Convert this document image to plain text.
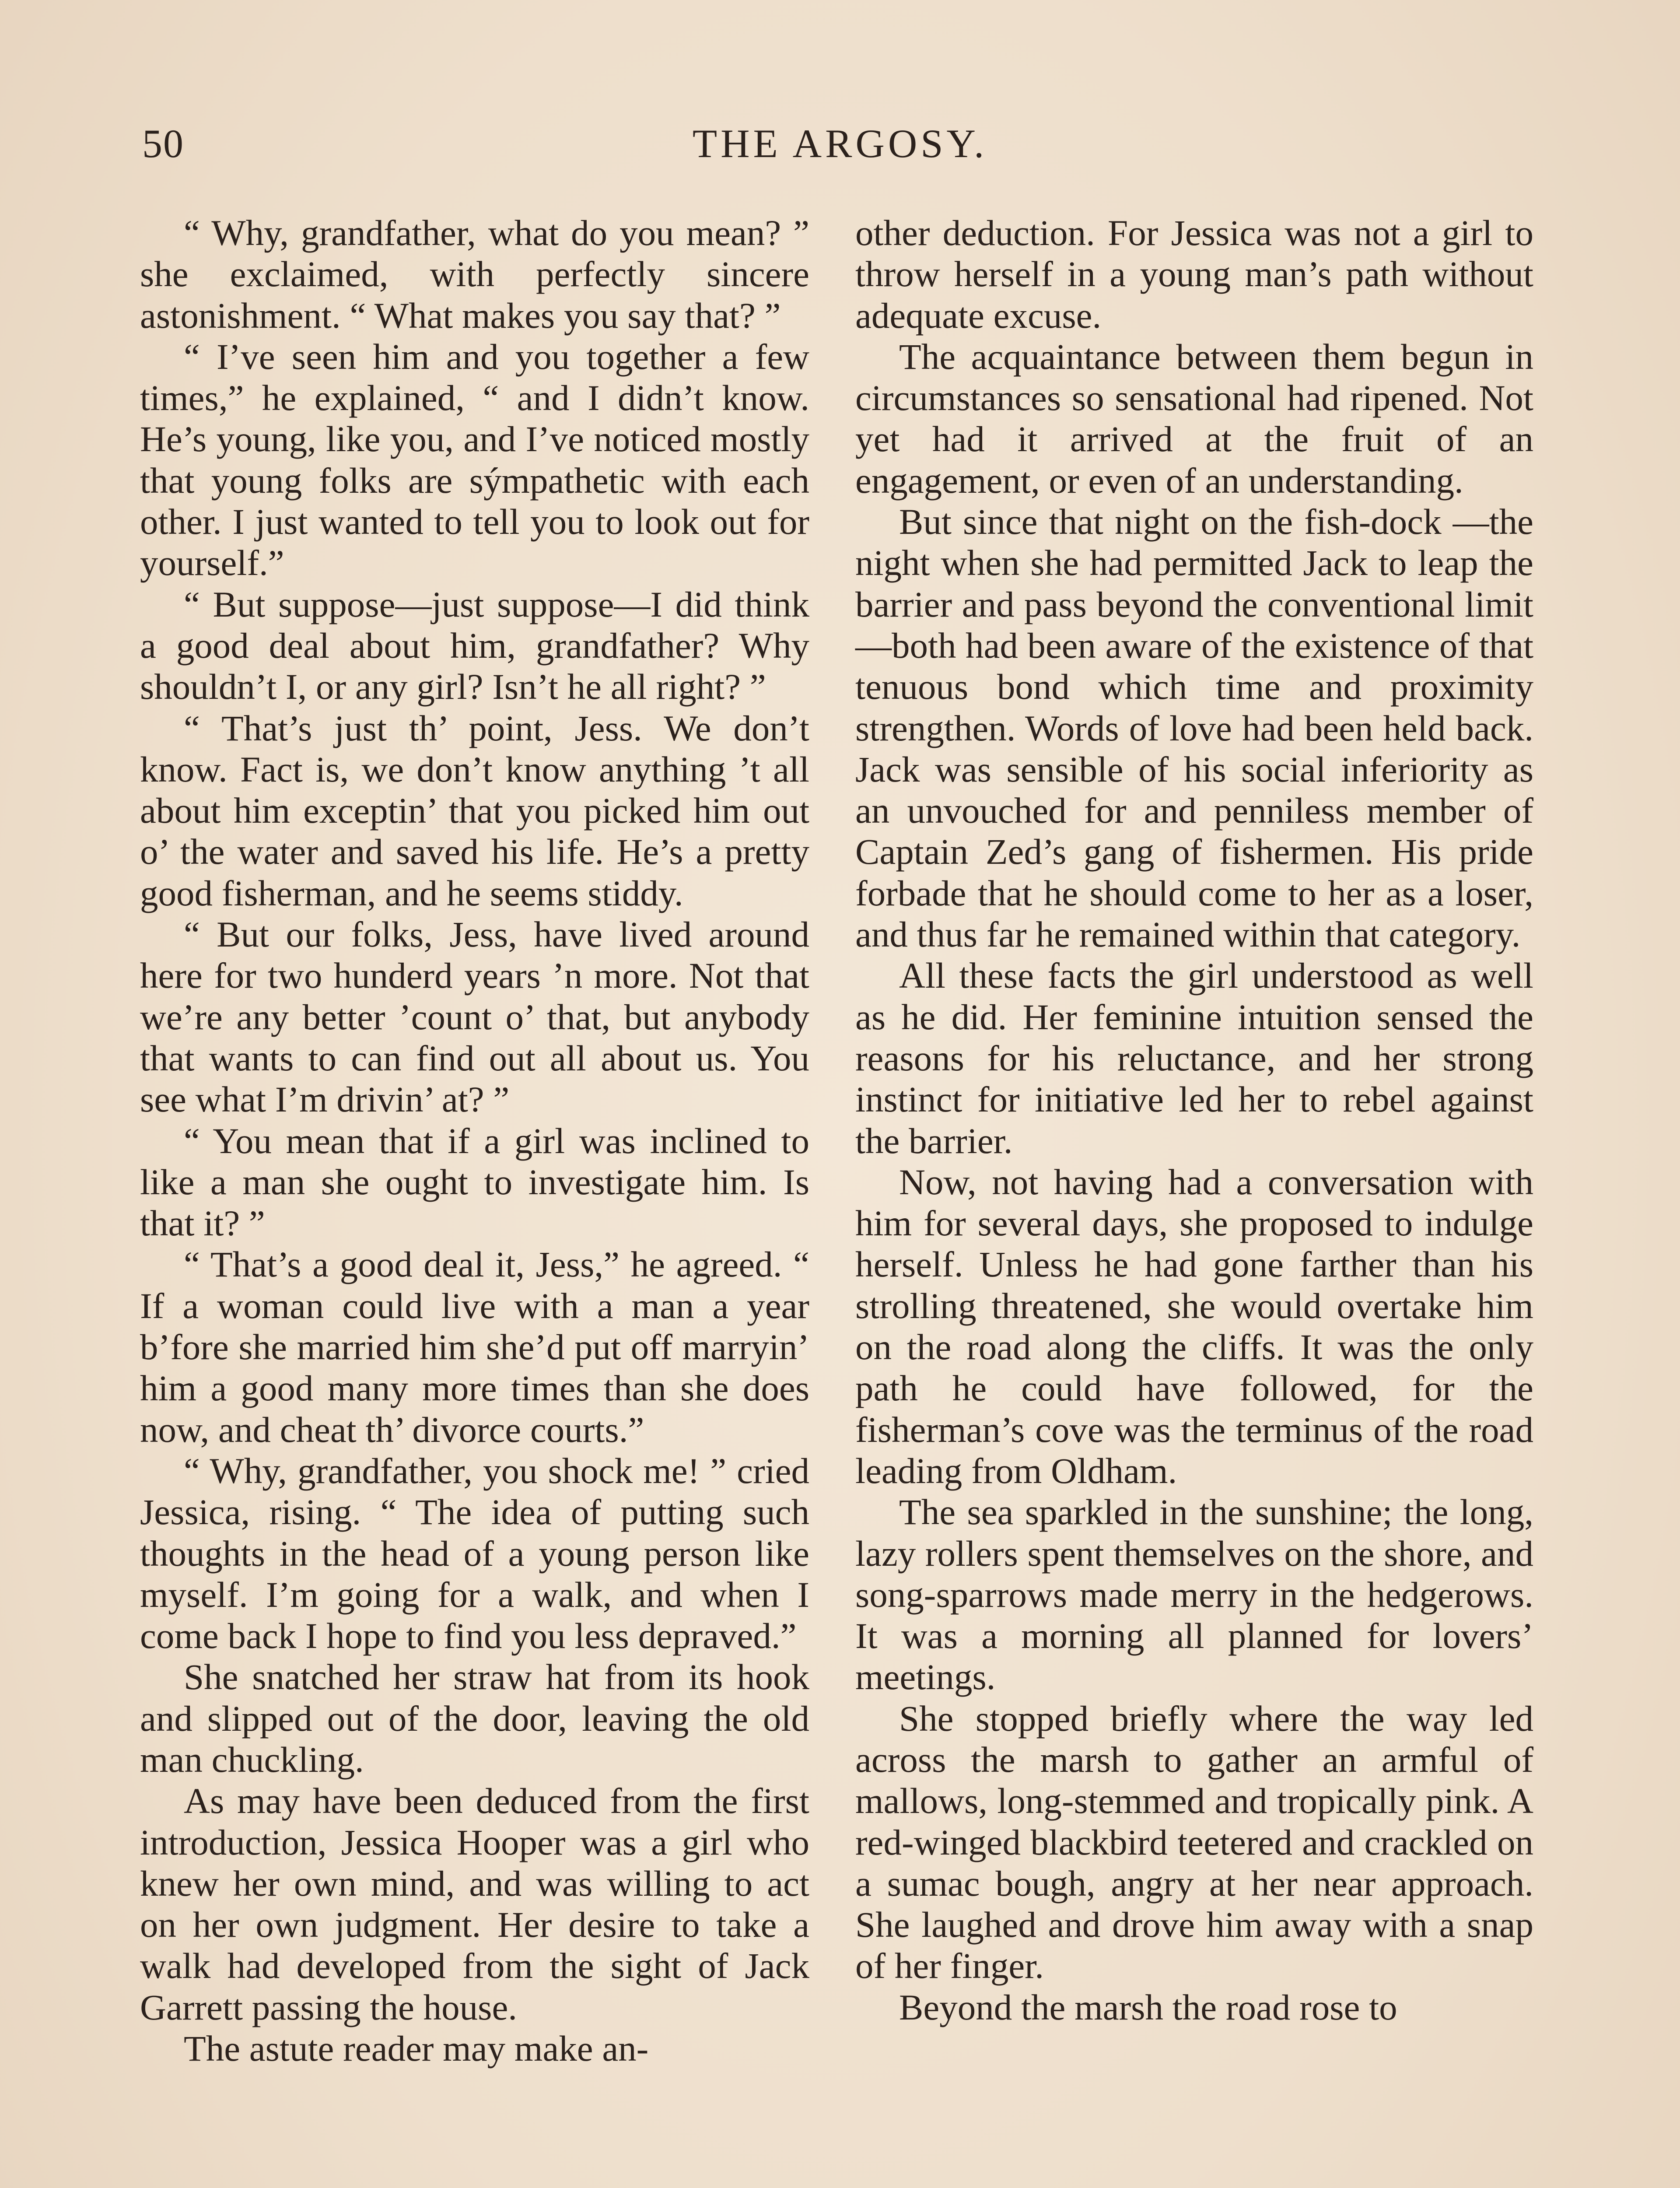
50	THE ARGOSY.

“ Why, grandfather, what do you mean? ” she exclaimed, with perfectly sincere astonishment. “ What makes you say that? ”

“ I’ve seen him and you together a few times,” he explained, “ and I didn’t know. He’s young, like you, and I’ve noticed mostly that young folks are sýmpathetic with each other. I just wanted to tell you to look out for yourself.”

“ But suppose—just suppose—I did think a good deal about him, grandfather? Why shouldn’t I, or any girl? Isn’t he all right? ”

“ That’s just th’ point, Jess. We don’t know. Fact is, we don’t know anything ’t all about him exceptin’ that you picked him out o’ the water and saved his life. He’s a pretty good fisherman, and he seems stiddy.

“ But our folks, Jess, have lived around here for two hunderd years ’n more. Not that we’re any better ’count o’ that, but anybody that wants to can find out all about us. You see what I’m drivin’ at? ”

“ You mean that if a girl was inclined to like a man she ought to investigate him. Is that it? ”

“ That’s a good deal it, Jess,” he agreed. “ If a woman could live with a man a year b’fore she married him she’d put off marryin’ him a good many more times than she does now, and cheat th’ divorce courts.”

“ Why, grandfather, you shock me! ” cried Jessica, rising. “ The idea of putting such thoughts in the head of a young person like myself. I’m going for a walk, and when I come back I hope to find you less depraved.”

She snatched her straw hat from its hook and slipped out of the door, leaving the old man chuckling.

As may have been deduced from the first introduction, Jessica Hooper was a girl who knew her own mind, and was willing to act on her own judgment. Her desire to take a walk had developed from the sight of Jack Garrett passing the house.

The astute reader may make an-

other deduction. For Jessica was not a girl to throw herself in a young man’s path without adequate excuse.

The acquaintance between them begun in circumstances so sensational had ripened. Not yet had it arrived at the fruit of an engagement, or even of an understanding.

But since that night on the fish-dock —the night when she had permitted Jack to leap the barrier and pass beyond the conventional limit—both had been aware of the existence of that tenuous bond which time and proximity strengthen. Words of love had been held back. Jack was sensible of his social inferiority as an unvouched for and penniless member of Captain Zed’s gang of fishermen. His pride forbade that he should come to her as a loser, and thus far he remained within that category.

All these facts the girl understood as well as he did. Her feminine intuition sensed the reasons for his reluctance, and her strong instinct for initiative led her to rebel against the barrier.

Now, not having had a conversation with him for several days, she proposed to indulge herself. Unless he had gone farther than his strolling threatened, she would overtake him on the road along the cliffs. It was the only path he could have followed, for the fisherman’s cove was the terminus of the road leading from Oldham.

The sea sparkled in the sunshine; the long, lazy rollers spent themselves on the shore, and song-sparrows made merry in the hedgerows. It was a morning all planned for lovers’ meetings.

She stopped briefly where the way led across the marsh to gather an armful of mallows, long-stemmed and tropically pink. A red-winged blackbird teetered and crackled on a sumac bough, angry at her near approach. She laughed and drove him away with a snap of her finger.

Beyond the marsh the road rose to
